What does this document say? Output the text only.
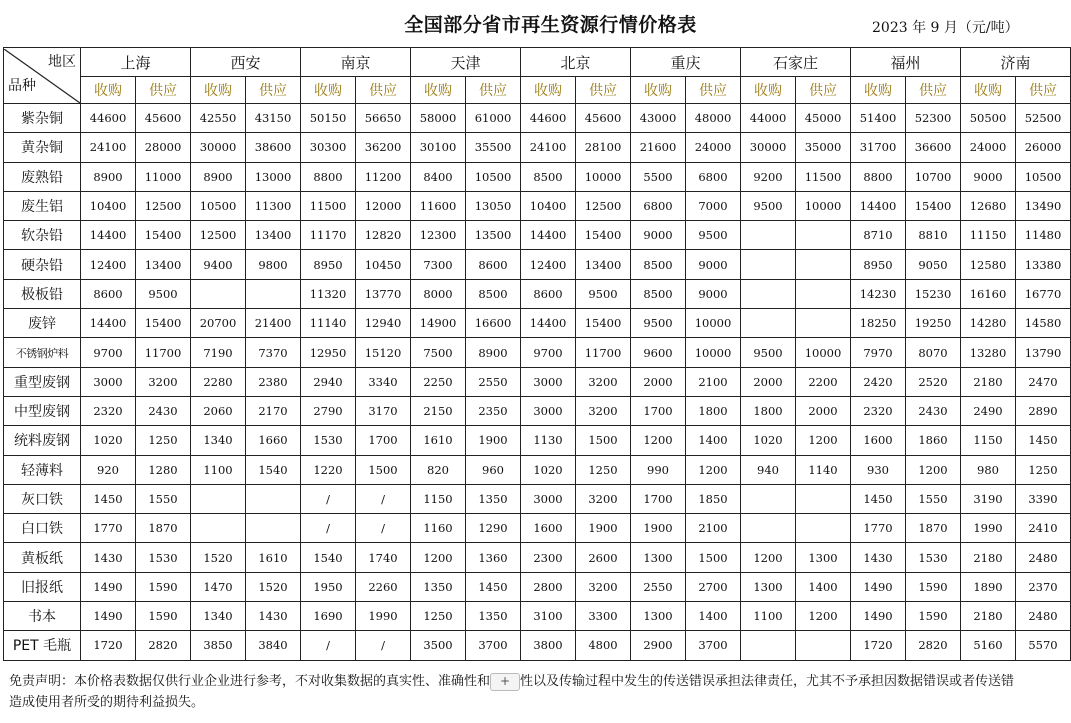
全国部分省市再生资源行情价格表	2023 年 9 月（元/吨）
地区
品种	上海		西安		南京		天津		北京		重庆		石家庄		福州		济南	
	收购	供应	收购	供应	收购	供应	收购	供应	收购	供应	收购	供应	收购	供应	收购	供应	收购	供应
紫杂铜	44600	45600	42550	43150	50150	56650	58000	61000	44600	45600	43000	48000	44000	45000	51400	52300	50500	52500
黄杂铜	24100	28000	30000	38600	30300	36200	30100	35500	24100	28100	21600	24000	30000	35000	31700	36600	24000	26000
废熟铅	8900	11000	8900	13000	8800	11200	8400	10500	8500	10000	5500	6800	9200	11500	8800	10700	9000	10500
废生铝	10400	12500	10500	11300	11500	12000	11600	13050	10400	12500	6800	7000	9500	10000	14400	15400	12680	13490
软杂铅	14400	15400	12500	13400	11170	12820	12300	13500	14400	15400	9000	9500			8710	8810	11150	11480
硬杂铅	12400	13400	9400	9800	8950	10450	7300	8600	12400	13400	8500	9000			8950	9050	12580	13380
极板铅	8600	9500			11320	13770	8000	8500	8600	9500	8500	9000			14230	15230	16160	16770
废锌	14400	15400	20700	21400	11140	12940	14900	16600	14400	15400	9500	10000			18250	19250	14280	14580
不锈钢炉料	9700	11700	7190	7370	12950	15120	7500	8900	9700	11700	9600	10000	9500	10000	7970	8070	13280	13790
重型废钢	3000	3200	2280	2380	2940	3340	2250	2550	3000	3200	2000	2100	2000	2200	2420	2520	2180	2470
中型废钢	2320	2430	2060	2170	2790	3170	2150	2350	3000	3200	1700	1800	1800	2000	2320	2430	2490	2890
统料废钢	1020	1250	1340	1660	1530	1700	1610	1900	1130	1500	1200	1400	1020	1200	1600	1860	1150	1450
轻薄料	920	1280	1100	1540	1220	1500	820	960	1020	1250	990	1200	940	1140	930	1200	980	1250
灰口铁	1450	1550			/	/	1150	1350	3000	3200	1700	1850			1450	1550	3190	3390
白口铁	1770	1870			/	/	1160	1290	1600	1900	1900	2100			1770	1870	1990	2410
黄板纸	1430	1530	1520	1610	1540	1740	1200	1360	2300	2600	1300	1500	1200	1300	1430	1530	2180	2480
旧报纸	1490	1590	1470	1520	1950	2260	1350	1450	2800	3200	2550	2700	1300	1400	1490	1590	1890	2370
书本	1490	1590	1340	1430	1690	1990	1250	1350	3100	3300	1300	1400	1100	1200	1490	1590	2180	2480
PET 毛瓶	1720	2820	3850	3840	/	/	3500	3700	3800	4800	2900	3700			1720	2820	5160	5570
免责声明：本价格表数据仅供行业企业进行参考，不对收集数据的真实性、准确性和 + 性以及传输过程中发生的传送错误承担法律责任，尤其不予承担因数据错误或者传送错
造成使用者所受的期待利益损失。
